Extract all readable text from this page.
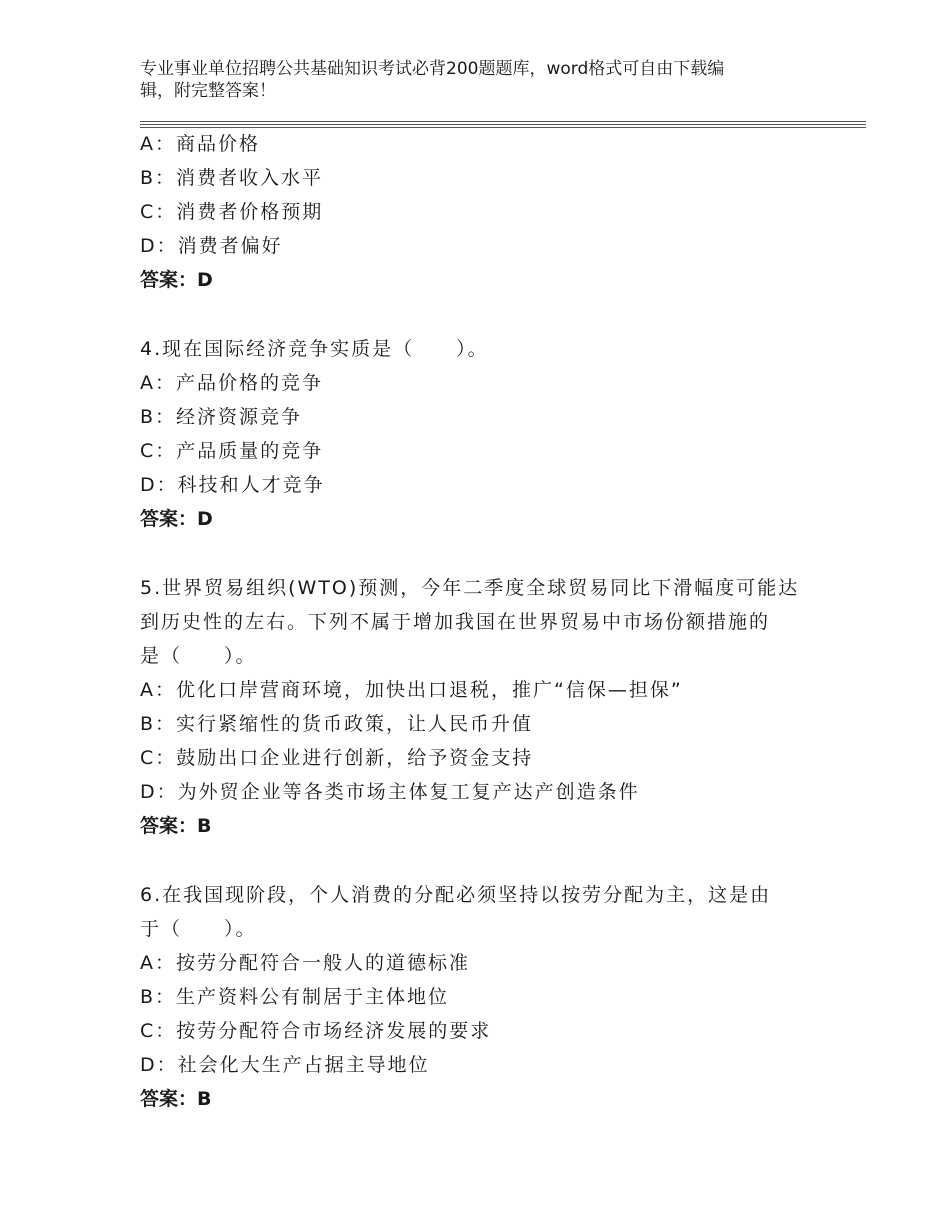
专业事业单位招聘公共基础知识考试必背200题题库，word格式可自由下载编
辑，附完整答案！
A：商品价格
B：消费者收入水平
C：消费者价格预期
D：消费者偏好
答案：D
4.现在国际经济竞争实质是（　　）。
A：产品价格的竞争
B：经济资源竞争
C：产品质量的竞争
D：科技和人才竞争
答案：D
5.世界贸易组织(WTO)预测，今年二季度全球贸易同比下滑幅度可能达
到历史性的左右。下列不属于增加我国在世界贸易中市场份额措施的
是（　　）。
A：优化口岸营商环境，加快出口退税，推广“信保—担保”
B：实行紧缩性的货币政策，让人民币升值
C：鼓励出口企业进行创新，给予资金支持
D：为外贸企业等各类市场主体复工复产达产创造条件
答案：B
6.在我国现阶段，个人消费的分配必须坚持以按劳分配为主，这是由
于（　　）。
A：按劳分配符合一般人的道德标准
B：生产资料公有制居于主体地位
C：按劳分配符合市场经济发展的要求
D：社会化大生产占据主导地位
答案：B
